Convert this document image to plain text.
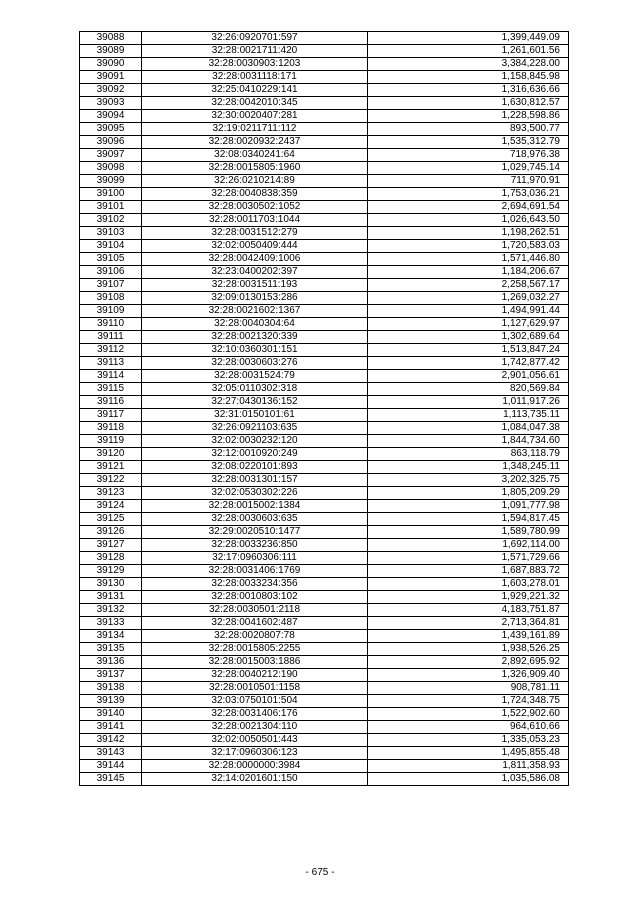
39088	32:26:0920701:597	1,399,449.09
39089	32:28:0021711:420	1,261,601.56
39090	32:28:0030903:1203	3,384,228.00
39091	32:28:0031118:171	1,158,845.98
39092	32:25:0410229:141	1,316,636.66
39093	32:28:0042010:345	1,630,812.57
39094	32:30:0020407:281	1,228,598.86
39095	32:19:0211711:112	893,500.77
39096	32:28:0020932:2437	1,535,312.79
39097	32:08:0340241:64	718,976.38
39098	32:28:0015805:1960	1,029,745.14
39099	32:26:0210214:89	711,970.91
39100	32:28:0040838:359	1,753,036.21
39101	32:28:0030502:1052	2,694,691.54
39102	32:28:0011703:1044	1,026,643.50
39103	32:28:0031512:279	1,198,262.51
39104	32:02:0050409:444	1,720,583.03
39105	32:28:0042409:1006	1,571,446.80
39106	32:23:0400202:397	1,184,206.67
39107	32:28:0031511:193	2,258,567.17
39108	32:09:0130153:286	1,269,032.27
39109	32:28:0021602:1367	1,494,991.44
39110	32:28:0040304:64	1,127,629.97
39111	32:28:0021320:339	1,302,689.64
39112	32:10:0360301:151	1,513,847.24
39113	32:28:0030603:276	1,742,877.42
39114	32:28:0031524:79	2,901,056.61
39115	32:05:0110302:318	820,569.84
39116	32:27:0430136:152	1,011,917.26
39117	32:31:0150101:61	1,113,735.11
39118	32:26:0921103:635	1,084,047.38
39119	32:02:0030232:120	1,844,734.60
39120	32:12:0010920:249	863,118.79
39121	32:08:0220101:893	1,348,245.11
39122	32:28:0031301:157	3,202,325.75
39123	32:02:0530302:226	1,805,209.29
39124	32:28:0015002:1384	1,091,777.98
39125	32:28:0030603:635	1,594,817.45
39126	32:29:0020510:1477	1,589,780.99
39127	32:28:0033236:850	1,692,114.00
39128	32:17:0960306:111	1,571,729.66
39129	32:28:0031406:1769	1,687,883.72
39130	32:28:0033234:356	1,603,278.01
39131	32:28:0010803:102	1,929,221.32
39132	32:28:0030501:2118	4,183,751.87
39133	32:28:0041602:487	2,713,364.81
39134	32:28:0020807:78	1,439,161.89
39135	32:28:0015805:2255	1,938,526.25
39136	32:28:0015003:1886	2,892,695.92
39137	32:28:0040212:190	1,326,909.40
39138	32:28:0010501:1158	908,781.11
39139	32:03:0750101:504	1,724,348.75
39140	32:28:0031406:176	1,522,902.60
39141	32:28:0021304:110	964,610.66
39142	32:02:0050501:443	1,335,053.23
39143	32:17:0960306:123	1,495,855.48
39144	32:28:0000000:3984	1,811,358.93
39145	32:14:0201601:150	1,035,586.08
- 675 -
